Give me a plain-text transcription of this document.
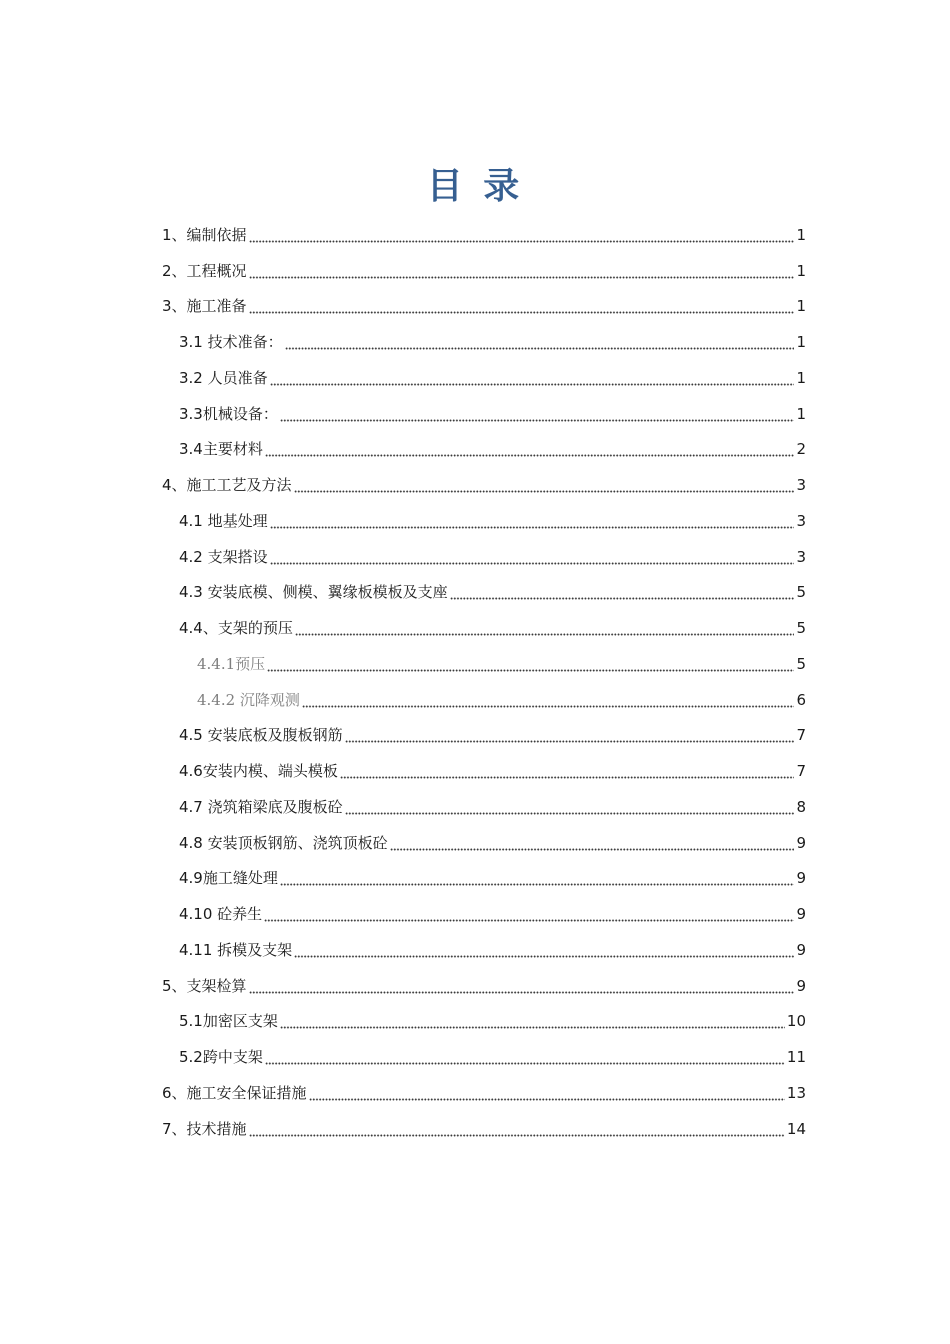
目 录
1、编制依据	1
2、工程概况	1
3、施工准备	1
3.1 技术准备：	1
3.2 人员准备	1
3.3机械设备：	1
3.4主要材料	2
4、施工工艺及方法	3
4.1 地基处理	3
4.2 支架搭设	3
4.3 安装底模、侧模、翼缘板模板及支座	5
4.4、支架的预压	5
4.4.1预压	5
4.4.2 沉降观测	6
4.5 安装底板及腹板钢筋	7
4.6安装内模、端头模板	7
4.7 浇筑箱梁底及腹板砼	8
4.8 安装顶板钢筋、浇筑顶板砼	9
4.9施工缝处理	9
4.10 砼养生	9
4.11 拆模及支架	9
5、支架检算	9
5.1加密区支架	10
5.2跨中支架	11
6、施工安全保证措施	13
7、技术措施	14
